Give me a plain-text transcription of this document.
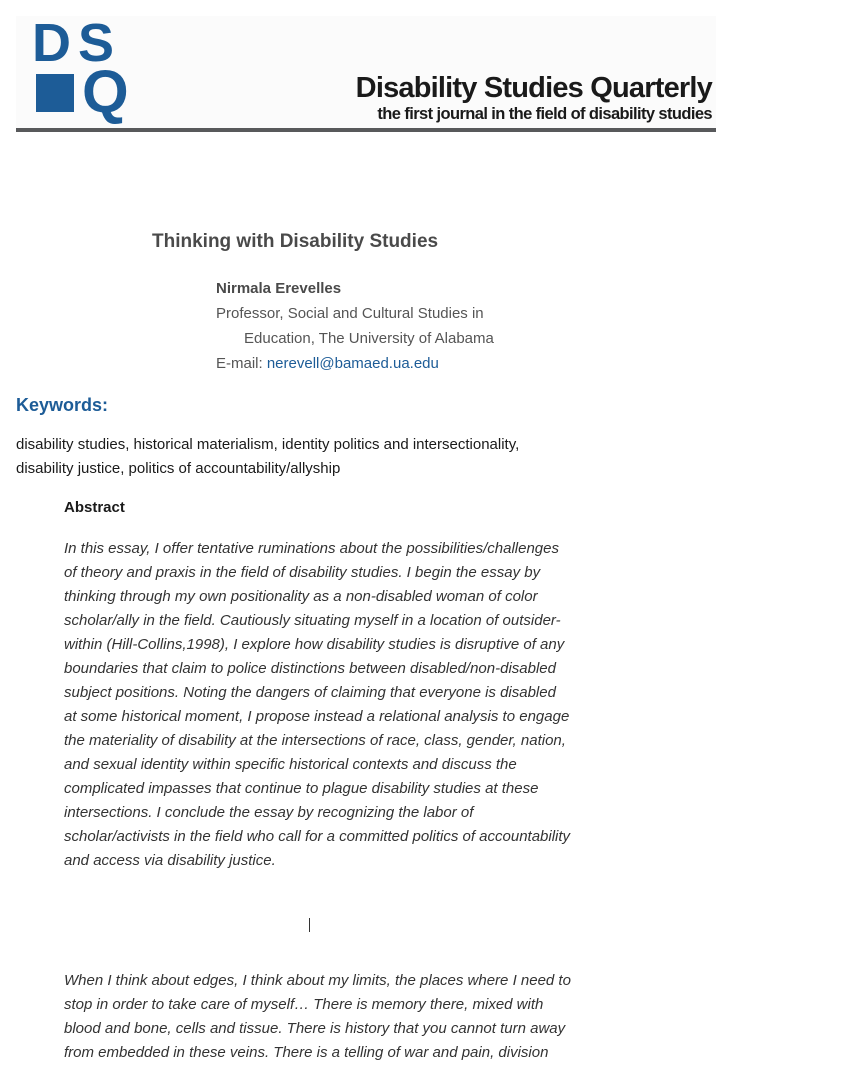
D S
Q	Disability Studies Quarterly
the first journal in the field of disability studies
Thinking with Disability Studies
Nirmala Erevelles
Professor, Social and Cultural Studies in
Education, The University of Alabama
E-mail: nerevell@bamaed.ua.edu
Keywords:
disability studies, historical materialism, identity politics and intersectionality,
disability justice, politics of accountability/allyship
Abstract
In this essay, I offer tentative ruminations about the possibilities/challenges
of theory and praxis in the field of disability studies. I begin the essay by
thinking through my own positionality as a non-disabled woman of color
scholar/ally in the field. Cautiously situating myself in a location of outsider-
within (Hill-Collins,1998), I explore how disability studies is disruptive of any
boundaries that claim to police distinctions between disabled/non-disabled
subject positions. Noting the dangers of claiming that everyone is disabled
at some historical moment, I propose instead a relational analysis to engage
the materiality of disability at the intersections of race, class, gender, nation,
and sexual identity within specific historical contexts and discuss the
complicated impasses that continue to plague disability studies at these
intersections. I conclude the essay by recognizing the labor of
scholar/activists in the field who call for a committed politics of accountability
and access via disability justice.
When I think about edges, I think about my limits, the places where I need to
stop in order to take care of myself… There is memory there, mixed with
blood and bone, cells and tissue. There is history that you cannot turn away
from embedded in these veins. There is a telling of war and pain, division
